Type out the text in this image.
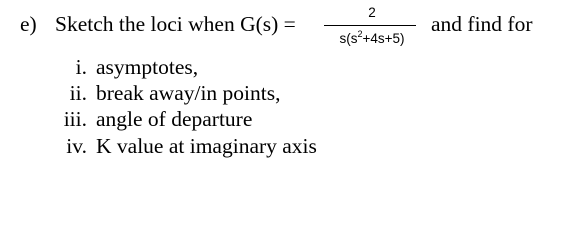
e) Sketch the loci when G(s) =	2
$s(s^2+4s+5)$
and find for
i. asymptotes,
ii. break away/in points,
iii. angle of departure
iv. K value at imaginary axis
